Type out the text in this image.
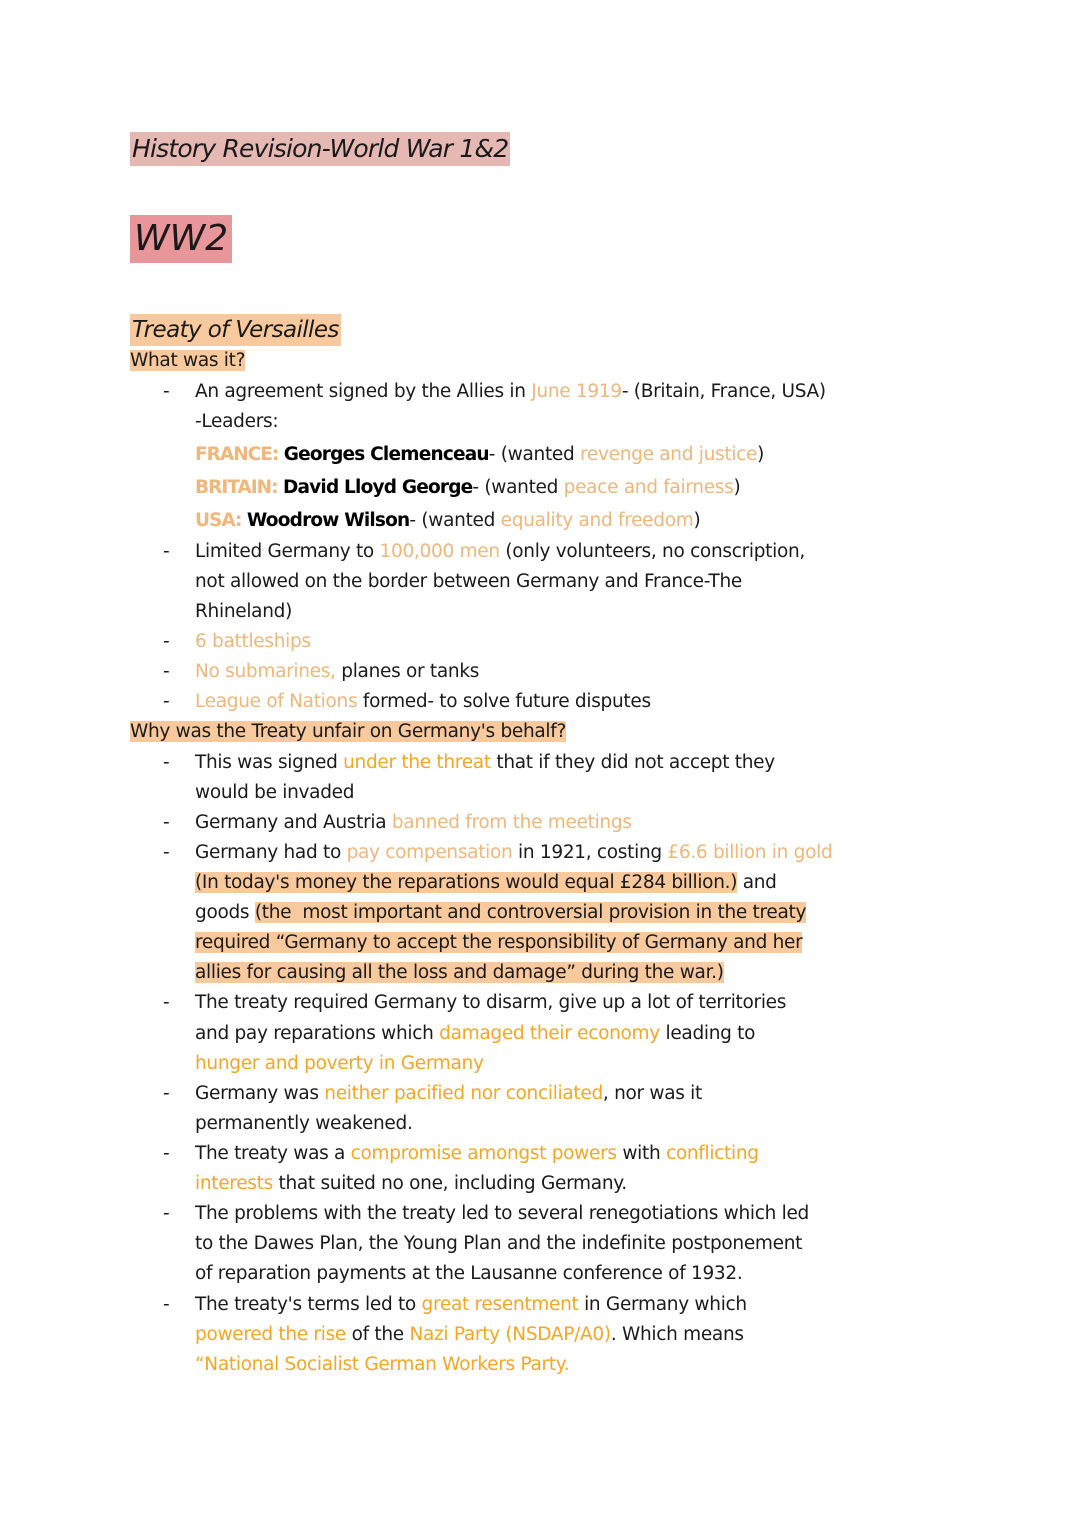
History Revision-World War 1&2
WW2
Treaty of Versailles
What was it?
- An agreement signed by the Allies in June 1919- (Britain, France, USA)
-Leaders:
FRANCE: Georges Clemenceau- (wanted revenge and justice)
BRITAIN: David Lloyd George- (wanted peace and fairness)
USA: Woodrow Wilson- (wanted equality and freedom)
- Limited Germany to 100,000 men (only volunteers, no conscription,
not allowed on the border between Germany and France-The
Rhineland)
- 6 battleships
- No submarines, planes or tanks
- League of Nations formed- to solve future disputes
Why was the Treaty unfair on Germany's behalf?
- This was signed under the threat that if they did not accept they
would be invaded
- Germany and Austria banned from the meetings
- Germany had to pay compensation in 1921, costing £6.6 billion in gold
(In today's money the reparations would equal £284 billion.) and
goods (the  most important and controversial provision in the treaty
required “Germany to accept the responsibility of Germany and her
allies for causing all the loss and damage” during the war.)
- The treaty required Germany to disarm, give up a lot of territories
and pay reparations which damaged their economy leading to
hunger and poverty in Germany
- Germany was neither pacified nor conciliated, nor was it
permanently weakened.
- The treaty was a compromise amongst powers with conflicting
interests that suited no one, including Germany.
- The problems with the treaty led to several renegotiations which led
to the Dawes Plan, the Young Plan and the indefinite postponement
of reparation payments at the Lausanne conference of 1932.
- The treaty's terms led to great resentment in Germany which
powered the rise of the Nazi Party (NSDAP/A0). Which means
“National Socialist German Workers Party.
